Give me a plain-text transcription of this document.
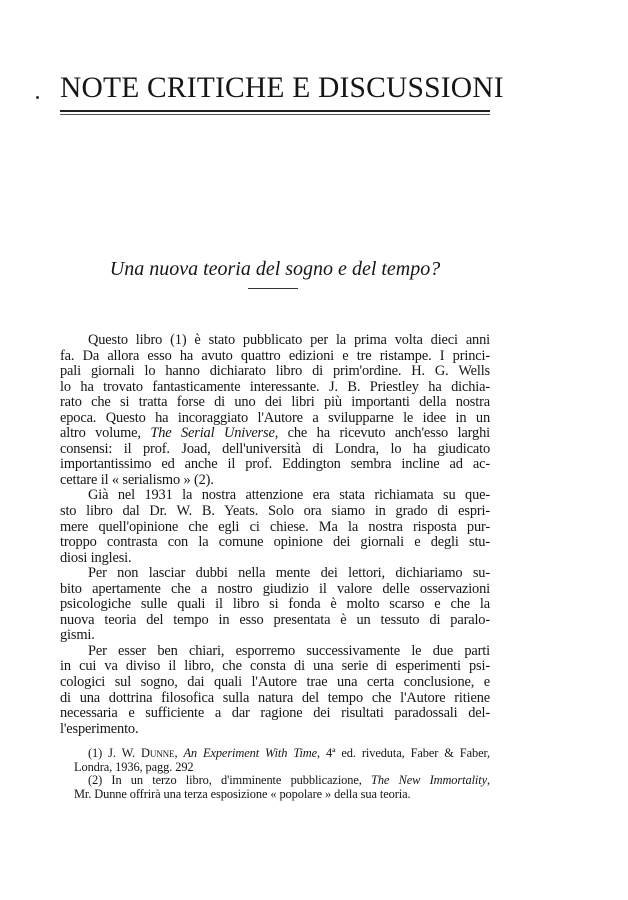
NOTE CRITICHE E DISCUSSIONI
Una nuova teoria del sogno e del tempo?
Questo libro (1) è stato pubblicato per la prima volta dieci anni
fa. Da allora esso ha avuto quattro edizioni e tre ristampe. I princi-
pali giornali lo hanno dichiarato libro di prim'ordine. H. G. Wells
lo ha trovato fantasticamente interessante. J. B. Priestley ha dichia-
rato che si tratta forse di uno dei libri più importanti della nostra
epoca. Questo ha incoraggiato l'Autore a svilupparne le idee in un
altro volume, The Serial Universe, che ha ricevuto anch'esso larghi
consensi: il prof. Joad, dell'università di Londra, lo ha giudicato
importantissimo ed anche il prof. Eddington sembra incline ad ac-
cettare il « serialismo » (2).
Già nel 1931 la nostra attenzione era stata richiamata su que-
sto libro dal Dr. W. B. Yeats. Solo ora siamo in grado di espri-
mere quell'opinione che egli ci chiese. Ma la nostra risposta pur-
troppo contrasta con la comune opinione dei giornali e degli stu-
diosi inglesi.
Per non lasciar dubbi nella mente dei lettori, dichiariamo su-
bito apertamente che a nostro giudizio il valore delle osservazioni
psicologiche sulle quali il libro si fonda è molto scarso e che la
nuova teoria del tempo in esso presentata è un tessuto di paralo-
gismi.
Per esser ben chiari, esporremo successivamente le due parti
in cui va diviso il libro, che consta di una serie di esperimenti psi-
cologici sul sogno, dai quali l'Autore trae una certa conclusione, e
di una dottrina filosofica sulla natura del tempo che l'Autore ritiene
necessaria e sufficiente a dar ragione dei risultati paradossali del-
l'esperimento.
(1) J. W. Dunne, An Experiment With Time, 4ª ed. riveduta, Faber & Faber,
Londra, 1936, pagg. 292
(2) In un terzo libro, d'imminente pubblicazione, The New Immortality,
Mr. Dunne offrirà una terza esposizione « popolare » della sua teoria.
